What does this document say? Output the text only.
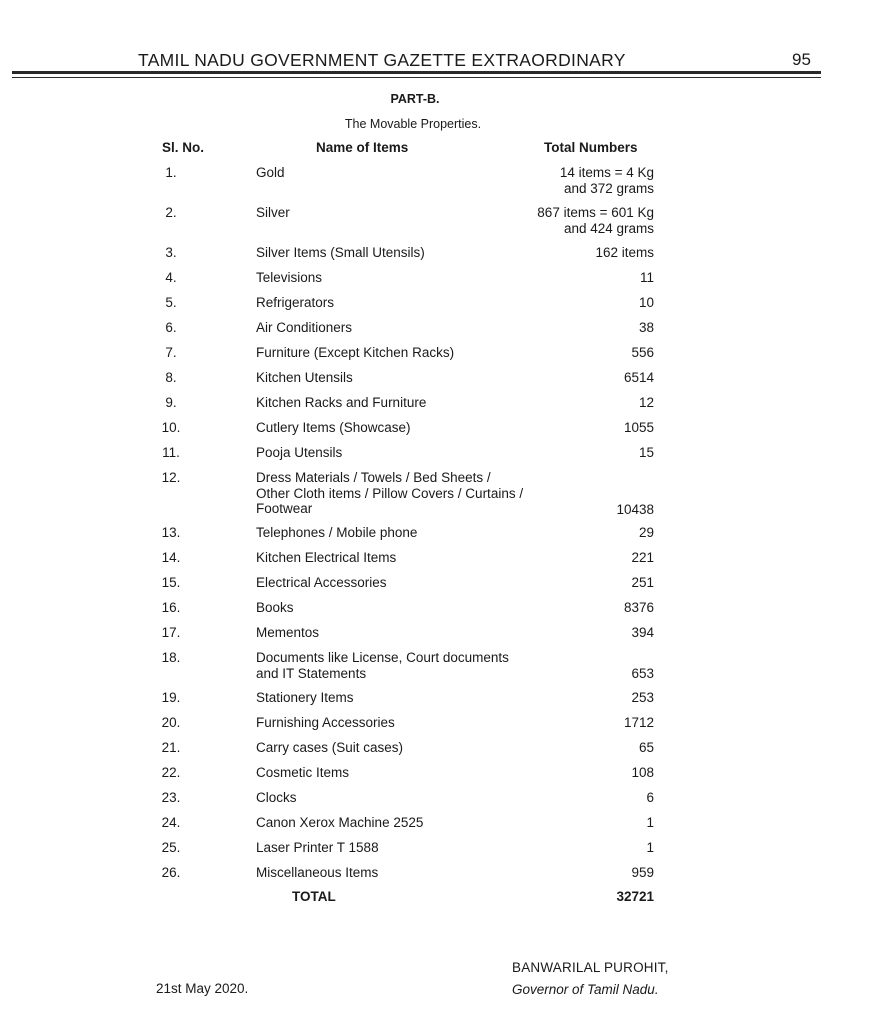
TAMIL NADU GOVERNMENT GAZETTE EXTRAORDINARY	95
PART-B.
The Movable Properties.
Sl. No.	Name of Items	Total Numbers
1.	Gold	14 items = 4 Kg
and 372 grams
2.	Silver	867 items = 601 Kg
and 424 grams
3.	Silver Items (Small Utensils)	162 items
4.	Televisions	11
5.	Refrigerators	10
6.	Air Conditioners	38
7.	Furniture (Except Kitchen Racks)	556
8.	Kitchen Utensils	6514
9.	Kitchen Racks and Furniture	12
10.	Cutlery Items (Showcase)	1055
11.	Pooja Utensils	15
12.	Dress Materials / Towels / Bed Sheets /
Other Cloth items / Pillow Covers / Curtains /
Footwear	10438
13.	Telephones / Mobile phone	29
14.	Kitchen Electrical Items	221
15.	Electrical Accessories	251
16.	Books	8376
17.	Mementos	394
18.	Documents like License, Court documents
and IT Statements	653
19.	Stationery Items	253
20.	Furnishing Accessories	1712
21.	Carry cases (Suit cases)	65
22.	Cosmetic Items	108
23.	Clocks	6
24.	Canon Xerox Machine 2525	1
25.	Laser Printer T 1588	1
26.	Miscellaneous Items	959
TOTAL	32721
21st May 2020.
BANWARILAL PUROHIT,
Governor of Tamil Nadu.
